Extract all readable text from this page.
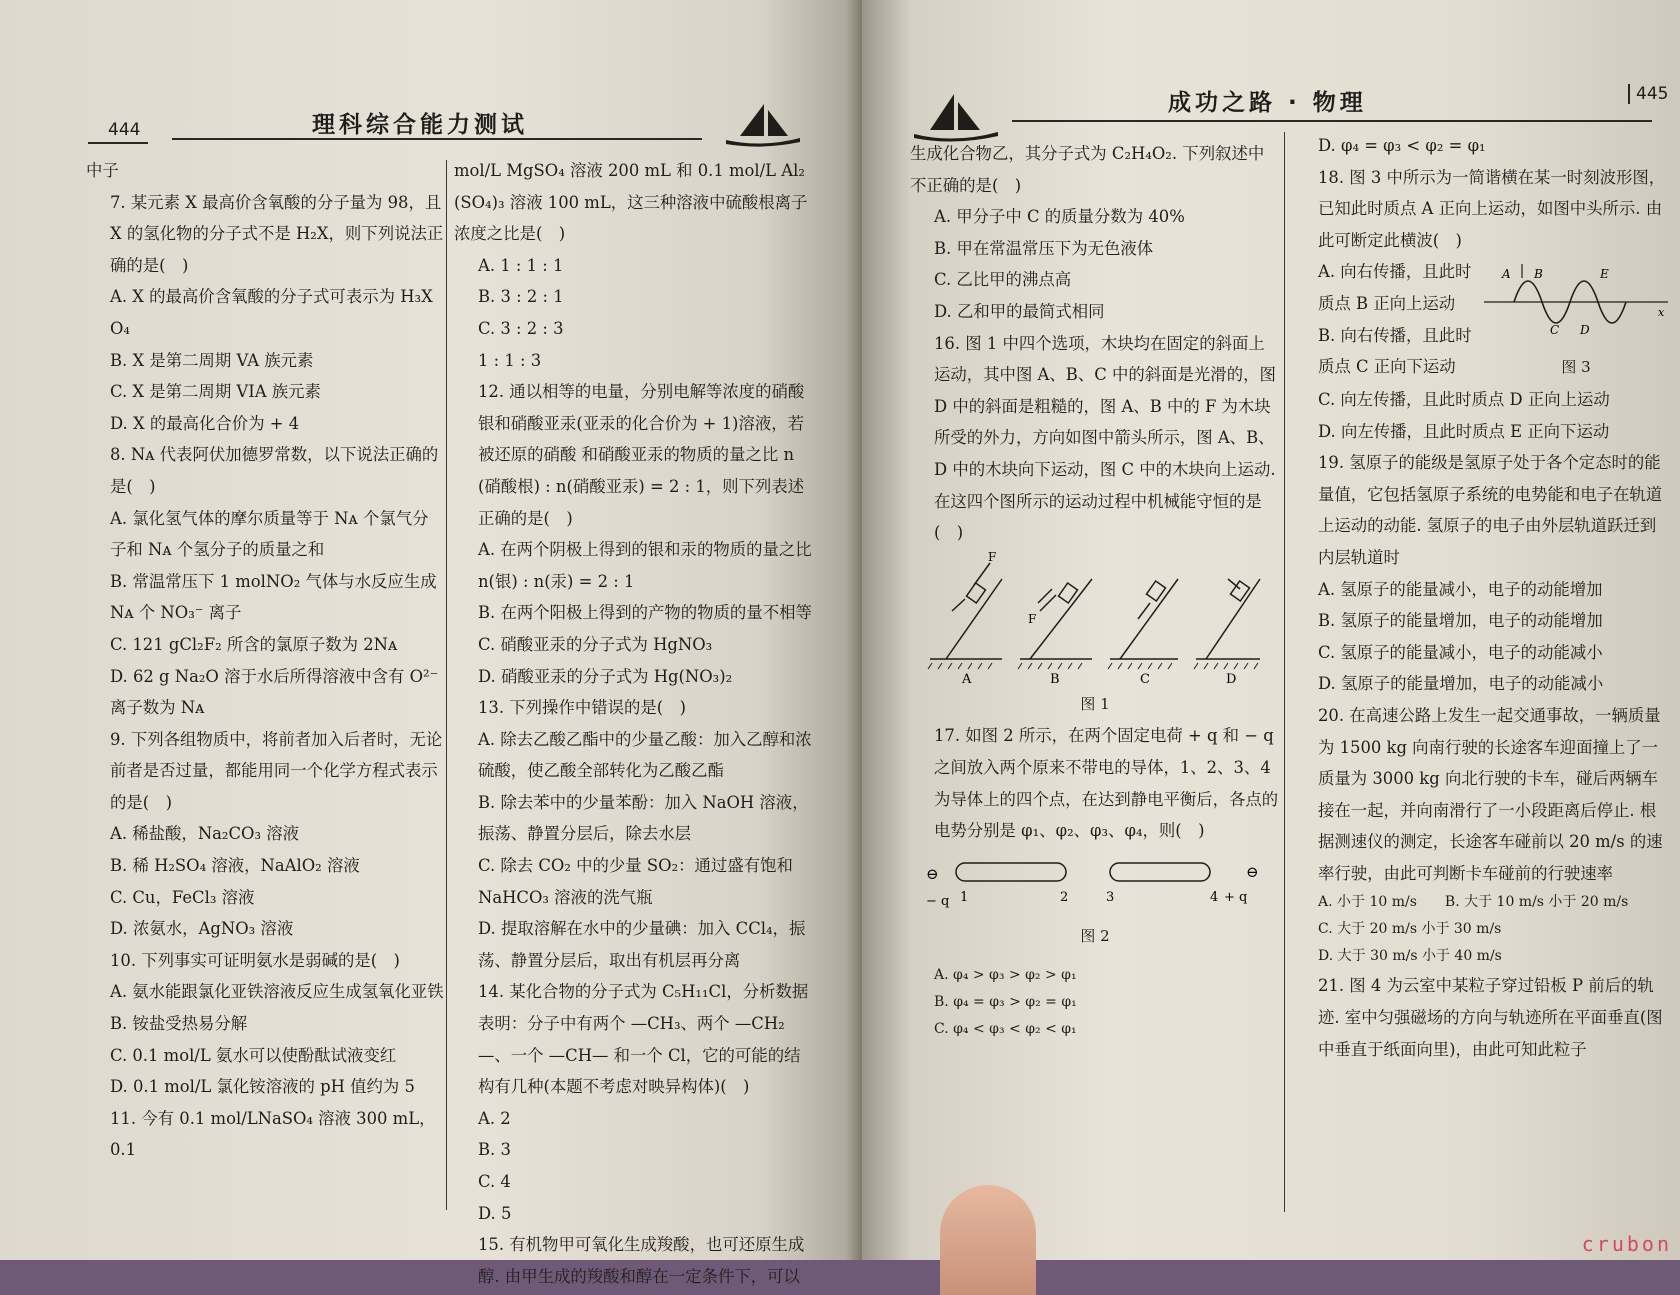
444	理科综合能力测试
中子
7. 某元素 X 最高价含氧酸的分子量为 98，且 X 的氢化物的分子式不是 H₂X，则下列说法正确的是(　)
A. X 的最高价含氧酸的分子式可表示为 H₃XO₄
B. X 是第二周期 VA 族元素
C. X 是第二周期 VIA 族元素
D. X 的最高化合价为 + 4
8. Nᴀ 代表阿伏加德罗常数，以下说法正确的是(　)
A. 氯化氢气体的摩尔质量等于 Nᴀ 个氯气分子和 Nᴀ 个氢分子的质量之和
B. 常温常压下 1 molNO₂ 气体与水反应生成 Nᴀ 个 NO₃⁻ 离子
C. 121 gCl₂F₂ 所含的氯原子数为 2Nᴀ
D. 62 g Na₂O 溶于水后所得溶液中含有 O²⁻ 离子数为 Nᴀ
9. 下列各组物质中，将前者加入后者时，无论前者是否过量，都能用同一个化学方程式表示的是(　)
A. 稀盐酸，Na₂CO₃ 溶液
B. 稀 H₂SO₄ 溶液，NaAlO₂ 溶液
C. Cu，FeCl₃ 溶液
D. 浓氨水，AgNO₃ 溶液
10. 下列事实可证明氨水是弱碱的是(　)
A. 氨水能跟氯化亚铁溶液反应生成氢氧化亚铁
B. 铵盐受热易分解
C. 0.1 mol/L 氨水可以使酚酞试液变红
D. 0.1 mol/L 氯化铵溶液的 pH 值约为 5
11. 今有 0.1 mol/LNaSO₄ 溶液 300 mL，0.1
mol/L MgSO₄ 溶液 200 mL 和 0.1 mol/L Al₂(SO₄)₃ 溶液 100 mL，这三种溶液中硫酸根离子浓度之比是(　)
A. 1 : 1 : 1
B. 3 : 2 : 1
C. 3 : 2 : 3
1 : 1 : 3
12. 通以相等的电量，分别电解等浓度的硝酸银和硝酸亚汞(亚汞的化合价为 + 1)溶液，若被还原的硝酸 和硝酸亚汞的物质的量之比 n(硝酸根) : n(硝酸亚汞) = 2 : 1，则下列表述正确的是(　)
A. 在两个阴极上得到的银和汞的物质的量之比 n(银) : n(汞) = 2 : 1
B. 在两个阳极上得到的产物的物质的量不相等
C. 硝酸亚汞的分子式为 HgNO₃
D. 硝酸亚汞的分子式为 Hg(NO₃)₂
13. 下列操作中错误的是(　)
A. 除去乙酸乙酯中的少量乙酸：加入乙醇和浓硫酸，使乙酸全部转化为乙酸乙酯
B. 除去苯中的少量苯酚：加入 NaOH 溶液，振荡、静置分层后，除去水层
C. 除去 CO₂ 中的少量 SO₂：通过盛有饱和 NaHCO₃ 溶液的洗气瓶
D. 提取溶解在水中的少量碘：加入 CCl₄，振荡、静置分层后，取出有机层再分离
14. 某化合物的分子式为 C₅H₁₁Cl，分析数据表明：分子中有两个 —CH₃、两个 —CH₂—、一个 —CH— 和一个 Cl，它的可能的结构有几种(本题不考虑对映异构体)(　)
A. 2
B. 3
C. 4
D. 5
15. 有机物甲可氧化生成羧酸，也可还原生成醇. 由甲生成的羧酸和醇在一定条件下，可以
成功之路 · 物理	445
生成化合物乙，其分子式为 C₂H₄O₂. 下列叙述中不正确的是(　)
A. 甲分子中 C 的质量分数为 40%
B. 甲在常温常压下为无色液体
C. 乙比甲的沸点高
D. 乙和甲的最简式相同
16. 图 1 中四个选项，木块均在固定的斜面上运动，其中图 A、B、C 中的斜面是光滑的，图 D 中的斜面是粗糙的，图 A、B 中的 F 为木块所受的外力，方向如图中箭头所示，图 A、B、D 中的木块向下运动，图 C 中的木块向上运动. 在这四个图所示的运动过程中机械能守恒的是(　)
F
F
A	B	C	D
图 1
17. 如图 2 所示，在两个固定电荷 + q 和 − q 之间放入两个原来不带电的导体，1、2、3、4 为导体上的四个点，在达到静电平衡后，各点的电势分别是 φ₁、φ₂、φ₃、φ₄，则(　)
⊖	⊖
− q	+ q
1	2	3	4
图 2
A. φ₄ > φ₃ > φ₂ > φ₁
B. φ₄ = φ₃ > φ₂ = φ₁
C. φ₄ < φ₃ < φ₂ < φ₁
D. φ₄ = φ₃ < φ₂ = φ₁
18. 图 3 中所示为一简谐横在某一时刻波形图，已知此时质点 A 正向上运动，如图中头所示. 由此可断定此横波(　)
A. 向右传播，且此时质点 B 正向上运动
B. 向右传播，且此时质点 C 正向下运动
A B	E
C D
x
图 3
C. 向左传播，且此时质点 D 正向上运动
D. 向左传播，且此时质点 E 正向下运动
19. 氢原子的能级是氢原子处于各个定态时的能量值，它包括氢原子系统的电势能和电子在轨道上运动的动能. 氢原子的电子由外层轨道跃迁到内层轨道时
A. 氢原子的能量减小，电子的动能增加
B. 氢原子的能量增加，电子的动能增加
C. 氢原子的能量减小，电子的动能减小
D. 氢原子的能量增加，电子的动能减小
20. 在高速公路上发生一起交通事故，一辆质量为 1500 kg 向南行驶的长途客车迎面撞上了一质量为 3000 kg 向北行驶的卡车，碰后两辆车接在一起，并向南滑行了一小段距离后停止. 根据测速仪的测定，长途客车碰前以 20 m/s 的速率行驶，由此可判断卡车碰前的行驶速率
A. 小于 10 m/s　　B. 大于 10 m/s 小于 20 m/s
C. 大于 20 m/s 小于 30 m/s
D. 大于 30 m/s 小于 40 m/s
21. 图 4 为云室中某粒子穿过铅板 P 前后的轨迹. 室中匀强磁场的方向与轨迹所在平面垂直(图中垂直于纸面向里)，由此可知此粒子
crubon
